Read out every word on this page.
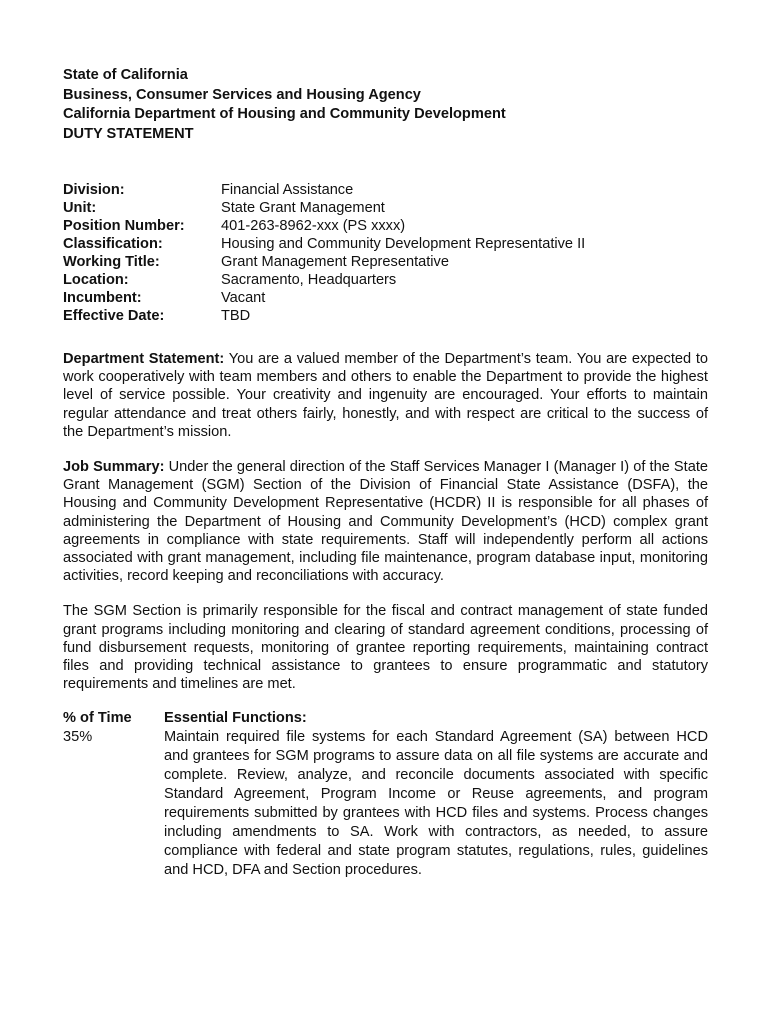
State of California
Business, Consumer Services and Housing Agency
California Department of Housing and Community Development
DUTY STATEMENT
Division:	Financial Assistance
Unit:	State Grant Management
Position Number:	401-263-8962-xxx (PS xxxx)
Classification:	Housing and Community Development Representative II
Working Title:	Grant Management Representative
Location:	Sacramento, Headquarters
Incumbent:	Vacant
Effective Date:	TBD

Department Statement: You are a valued member of the Department’s team. You are expected to work cooperatively with team members and others to enable the Department to provide the highest level of service possible. Your creativity and ingenuity are encouraged. Your efforts to maintain regular attendance and treat others fairly, honestly, and with respect are critical to the success of the Department’s mission.

Job Summary: Under the general direction of the Staff Services Manager I (Manager I) of the State Grant Management (SGM) Section of the Division of Financial State Assistance (DSFA), the Housing and Community Development Representative (HCDR) II is responsible for all phases of administering the Department of Housing and Community Development’s (HCD) complex grant agreements in compliance with state requirements. Staff will independently perform all actions associated with grant management, including file maintenance, program database input, monitoring activities, record keeping and reconciliations with accuracy.

The SGM Section is primarily responsible for the fiscal and contract management of state funded grant programs including monitoring and clearing of standard agreement conditions, processing of fund disbursement requests, monitoring of grantee reporting requirements, maintaining contract files and providing technical assistance to grantees to ensure programmatic and statutory requirements and timelines are met.

% of Time	Essential Functions:
35%	Maintain required file systems for each Standard Agreement (SA) between HCD and grantees for SGM programs to assure data on all file systems are accurate and complete. Review, analyze, and reconcile documents associated with specific Standard Agreement, Program Income or Reuse agreements, and program requirements submitted by grantees with HCD files and systems. Process changes including amendments to SA. Work with contractors, as needed, to assure compliance with federal and state program statutes, regulations, rules, guidelines and HCD, DFA and Section procedures.
